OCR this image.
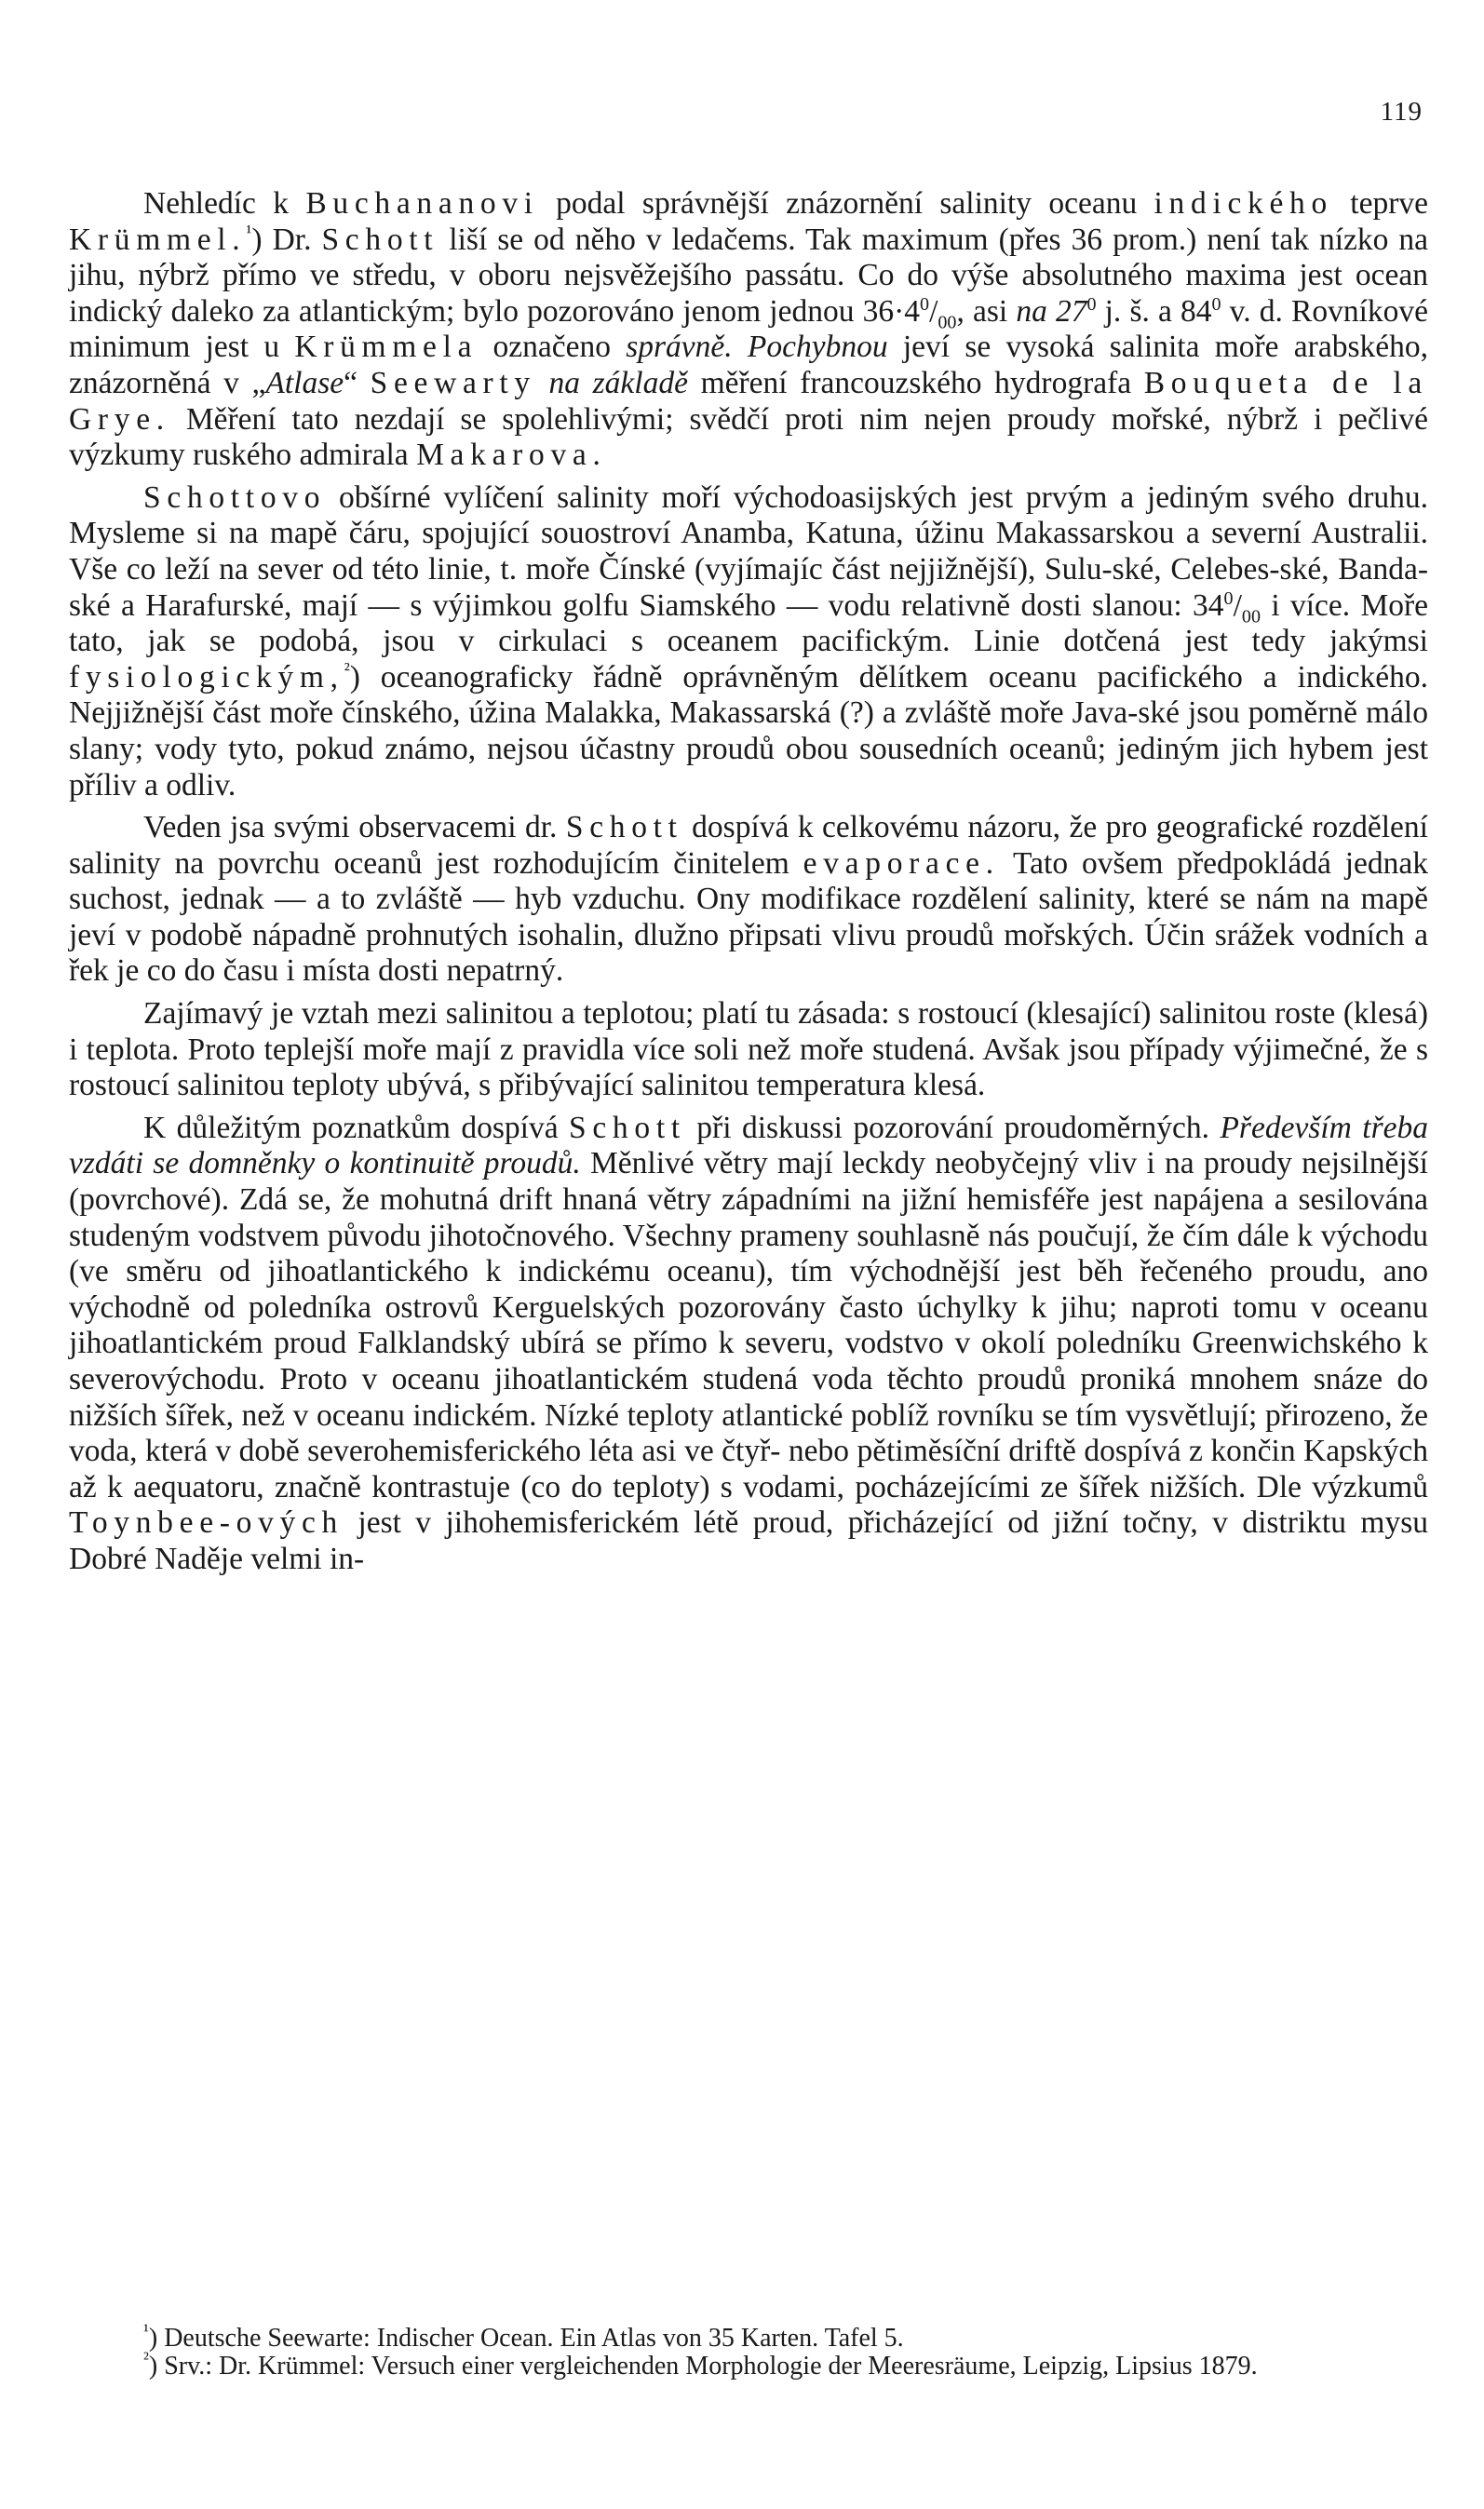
119

Nehledíc k Buchananovi podal správnější znázornění salinity oceanu indického teprve Krümmel.$^{^1}$) Dr. Schott liší se od něho v ledačems. Tak maximum (přes 36 prom.) není tak nízko na jihu, nýbrž přímo ve středu, v oboru nejsvěžejšího passátu. Co do výše absolutného maxima jest ocean indický daleko za atlantickým; bylo pozorováno jenom jednou $36\cdot 4^0/_{00}$, asi na $27^0$ j. š. a $84^0$ v. d. Rovníkové minimum jest u Krümmela označeno správně. Pochybnou jeví se vysoká salinita moře arabského, znázorněná v „Atlase“ Seewarty na základě měření francouzského hydrografa Bouqueta de la Grye. Měření tato nezdají se spolehlivými; svědčí proti nim nejen proudy mořské, nýbrž i pečlivé výzkumy ruského admirala Makarova.

Schottovo obšírné vylíčení salinity moří východoasijských jest prvým a jediným svého druhu. Mysleme si na mapě čáru, spojující souostroví Anamba, Katuna, úžinu Makassarskou a severní Australii. Vše co leží na sever od této linie, t. moře Čínské (vyjímajíc část nejjižnější), Sulu-ské, Celebes-ské, Banda-ské a Harafurské, mají — s výjimkou golfu Siamského — vodu relativně dosti slanou: $34^0/_{00}$ i více. Moře tato, jak se podobá, jsou v cirkulaci s oceanem pacifickým. Linie dotčená jest tedy jakýmsi fysiologickým,$^{^2}$) oceanograficky řádně oprávněným dělítkem oceanu pacifického a indického. Nejjižnější část moře čínského, úžina Malakka, Makassarská (?) a zvláště moře Java-ské jsou poměrně málo slany; vody tyto, pokud známo, nejsou účastny proudů obou sousedních oceanů; jediným jich hybem jest příliv a odliv.

Veden jsa svými observacemi dr. Schott dospívá k celkovému názoru, že pro geografické rozdělení salinity na povrchu oceanů jest rozhodujícím činitelem evaporace. Tato ovšem předpokládá jednak suchost, jednak — a to zvláště — hyb vzduchu. Ony modifikace rozdělení salinity, které se nám na mapě jeví v podobě nápadně prohnutých isohalin, dlužno připsati vlivu proudů mořských. Účin srážek vodních a řek je co do času i místa dosti nepatrný.

Zajímavý je vztah mezi salinitou a teplotou; platí tu zásada: s rostoucí (klesající) salinitou roste (klesá) i teplota. Proto teplejší moře mají z pravidla více soli než moře studená. Avšak jsou případy výjimečné, že s rostoucí salinitou teploty ubývá, s přibývající salinitou temperatura klesá.

K důležitým poznatkům dospívá Schott při diskussi pozorování proudoměrných. Především třeba vzdáti se domněnky o kontinuitě proudů. Měnlivé větry mají leckdy neobyčejný vliv i na proudy nejsilnější (povrchové). Zdá se, že mohutná drift hnaná větry západními na jižní hemisféře jest napájena a sesilována studeným vodstvem původu jihotočnového. Všechny prameny souhlasně nás poučují, že čím dále k východu (ve směru od jihoatlantického k indickému oceanu), tím východnější jest běh řečeného proudu, ano východně od poledníka ostrovů Kerguelských pozorovány často úchylky k jihu; naproti tomu v oceanu jihoatlantickém proud Falklandský ubírá se přímo k severu, vodstvo v okolí poledníku Greenwichského k severovýchodu. Proto v oceanu jihoatlantickém studená voda těchto proudů proniká mnohem snáze do nižších šířek, než v oceanu indickém. Nízké teploty atlantické poblíž rovníku se tím vysvětlují; přirozeno, že voda, která v době severohemisferického léta asi ve čtyř- nebo pětiměsíční driftě dospívá z končin Kapských až k aequatoru, značně kontrastuje (co do teploty) s vodami, pocházejícími ze šířek nižších. Dle výzkumů Toynbee-ových jest v jihohemisferickém létě proud, přicházející od jižní točny, v distriktu mysu Dobré Naděje velmi in-

$^{^1}$) Deutsche Seewarte: Indischer Ocean. Ein Atlas von 35 Karten. Tafel 5.

$^{^2}$) Srv.: Dr. Krümmel: Versuch einer vergleichenden Morphologie der Meeresräume, Leipzig, Lipsius 1879.
